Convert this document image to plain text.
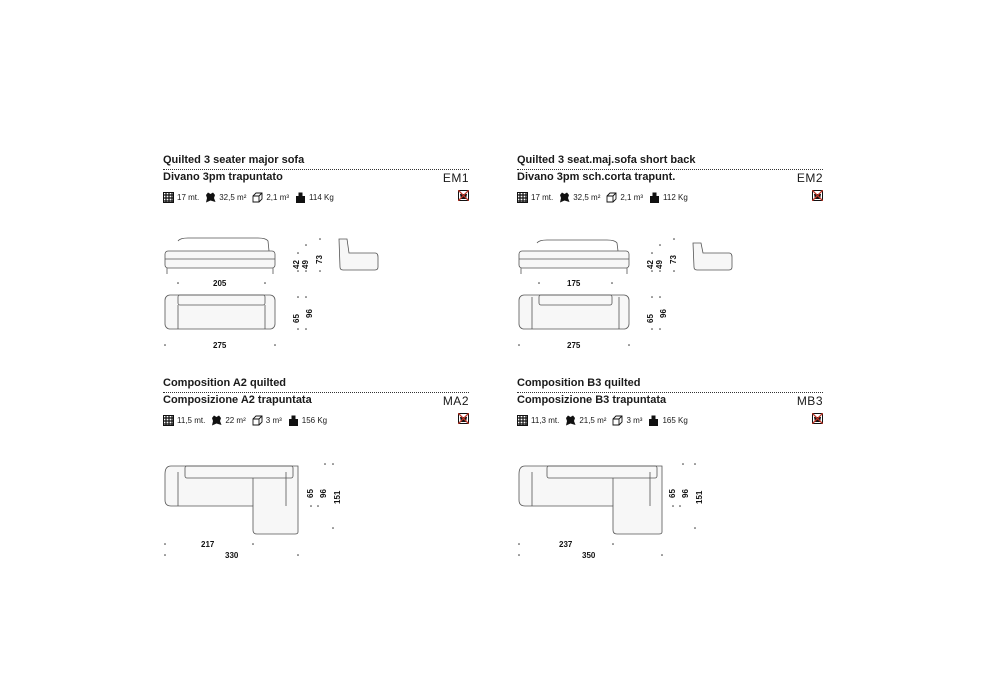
Quilted 3 seater major sofa
Divano 3pm trapuntato	EM1
17 mt.	32,5 m²	2,1 m³	114 Kg
42 49
73
205
65
96
275
Quilted 3 seat.maj.sofa short back
Divano 3pm sch.corta trapunt.	EM2
17 mt.	32,5 m²	2,1 m³	112 Kg
42 49
73
175
65
96
275
Composition A2 quilted
Composizione A2 trapuntata	MA2
11,5 mt.	22 m²	3 m³	156 Kg
65 96 151
217
330
Composition B3 quilted
Composizione B3 trapuntata	MB3
11,3 mt.	21,5 m²	3 m³	165 Kg
65 96 151
237
350
